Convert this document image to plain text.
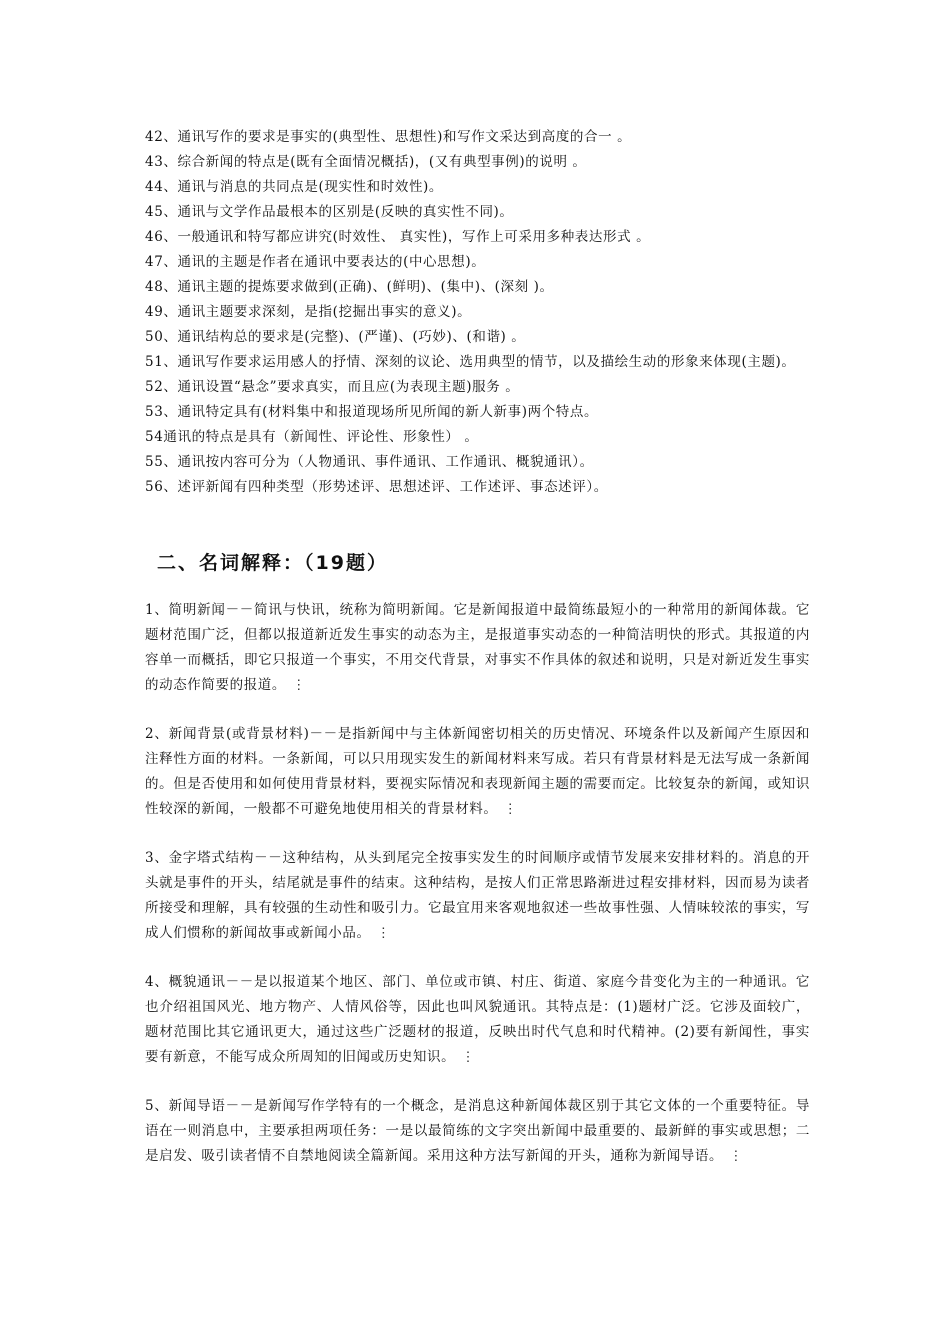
42、通讯写作的要求是事实的(典型性、思想性)和写作文采达到高度的合一 。

43、综合新闻的特点是(既有全面情况概括)，(又有典型事例)的说明 。

44、通讯与消息的共同点是(现实性和时效性)。

45、通讯与文学作品最根本的区别是(反映的真实性不同)。

46、一般通讯和特写都应讲究(时效性、 真实性)，写作上可采用多种表达形式 。

47、通讯的主题是作者在通讯中要表达的(中心思想)。

48、通讯主题的提炼要求做到(正确)、(鲜明)、(集中)、(深刻 )。

49、通讯主题要求深刻，是指(挖掘出事实的意义)。

50、通讯结构总的要求是(完整)、(严谨)、(巧妙)、(和谐) 。

51、通讯写作要求运用感人的抒情、深刻的议论、选用典型的情节，以及描绘生动的形象来体现(主题)。

52、通讯设置“悬念”要求真实，而且应(为表现主题)服务 。

53、通讯特定具有(材料集中和报道现场所见所闻的新人新事)两个特点。

54通讯的特点是具有（新闻性、评论性、形象性） 。

55、通讯按内容可分为（人物通讯、事件通讯、工作通讯、概貌通讯）。

56、述评新闻有四种类型（形势述评、思想述评、工作述评、事态述评）。

二、名词解释：（19题）

1、简明新闻－－简讯与快讯，统称为简明新闻。它是新闻报道中最简练最短小的一种常用的新闻体裁。它题材范围广泛，但都以报道新近发生事实的动态为主，是报道事实动态的一种简洁明快的形式。其报道的内容单一而概括，即它只报道一个事实，不用交代背景，对事实不作具体的叙述和说明，只是对新近发生事实的动态作简要的报道。 ⋮

2、新闻背景(或背景材料)－－是指新闻中与主体新闻密切相关的历史情况、环境条件以及新闻产生原因和注释性方面的材料。一条新闻，可以只用现实发生的新闻材料来写成。若只有背景材料是无法写成一条新闻的。但是否使用和如何使用背景材料，要视实际情况和表现新闻主题的需要而定。比较复杂的新闻，或知识性较深的新闻，一般都不可避免地使用相关的背景材料。 ⋮

3、金字塔式结构－－这种结构，从头到尾完全按事实发生的时间顺序或情节发展来安排材料的。消息的开头就是事件的开头，结尾就是事件的结束。这种结构，是按人们正常思路渐进过程安排材料，因而易为读者所接受和理解，具有较强的生动性和吸引力。它最宜用来客观地叙述一些故事性强、人情味较浓的事实，写成人们惯称的新闻故事或新闻小品。 ⋮

4、概貌通讯－－是以报道某个地区、部门、单位或市镇、村庄、街道、家庭今昔变化为主的一种通讯。它也介绍祖国风光、地方物产、人情风俗等，因此也叫风貌通讯。其特点是：(1)题材广泛。它涉及面较广，题材范围比其它通讯更大，通过这些广泛题材的报道，反映出时代气息和时代精神。(2)要有新闻性，事实要有新意，不能写成众所周知的旧闻或历史知识。 ⋮

5、新闻导语－－是新闻写作学特有的一个概念，是消息这种新闻体裁区别于其它文体的一个重要特征。导语在一则消息中，主要承担两项任务：一是以最简练的文字突出新闻中最重要的、最新鲜的事实或思想；二是启发、吸引读者情不自禁地阅读全篇新闻。采用这种方法写新闻的开头，通称为新闻导语。 ⋮
